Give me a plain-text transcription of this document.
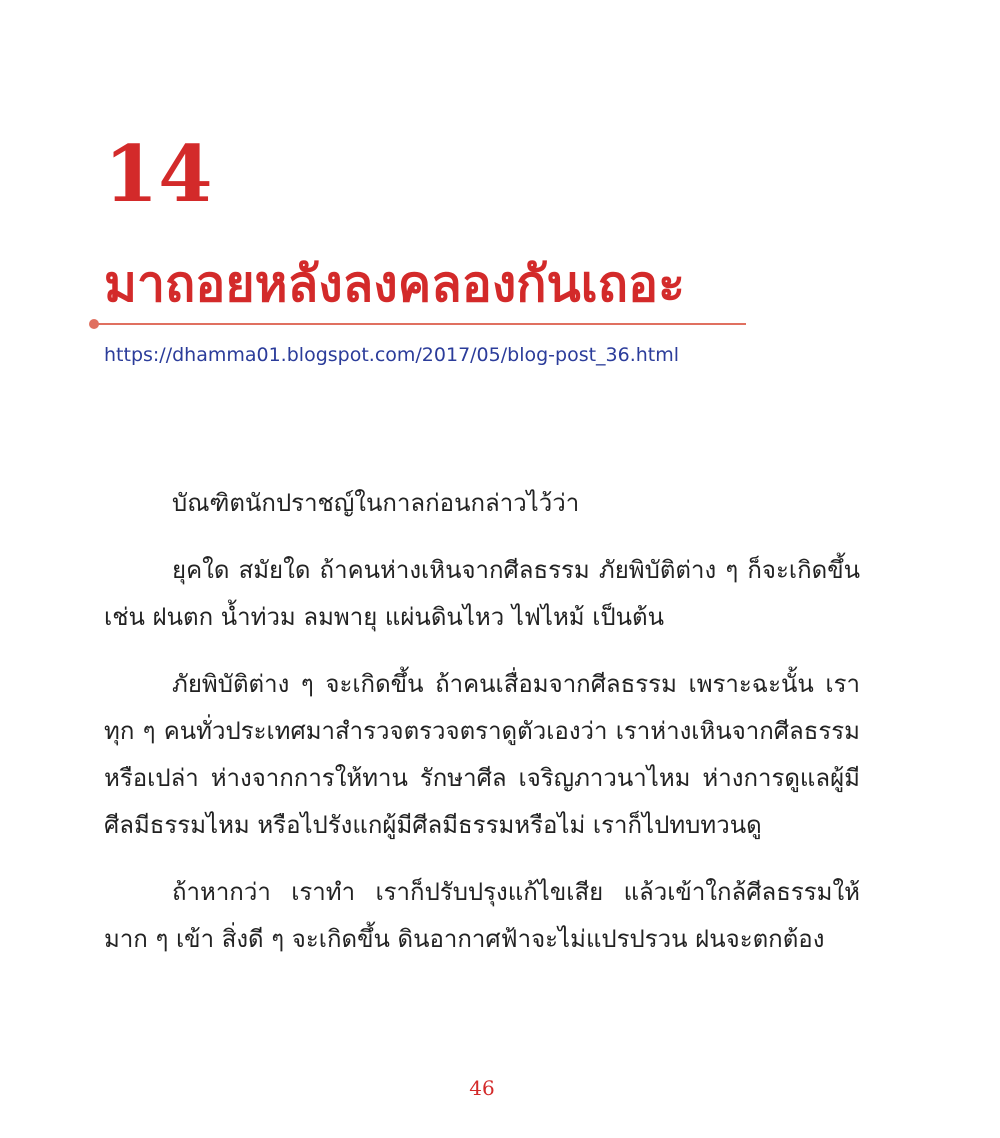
14
มาถอยหลังลงคลองกันเถอะ
https://dhamma01.blogspot.com/2017/05/blog-post_36.html

บัณฑิตนักปราชญ์ในกาลก่อนกล่าวไว้ว่า

ยุคใด สมัยใด ถ้าคนห่างเหินจากศีลธรรม ภัยพิบัติต่าง ๆ ก็จะเกิดขึ้น เช่น ฝนตก น้ำท่วม ลมพายุ แผ่นดินไหว ไฟไหม้ เป็นต้น

ภัยพิบัติต่าง ๆ จะเกิดขึ้น ถ้าคนเสื่อมจากศีลธรรม เพราะฉะนั้น เราทุก ๆ คนทั่วประเทศมาสำรวจตรวจตราดูตัวเองว่า เราห่างเหินจากศีลธรรมหรือเปล่า ห่างจากการให้ทาน รักษาศีล เจริญภาวนาไหม ห่างการดูแลผู้มีศีลมีธรรมไหม หรือไปรังแกผู้มีศีลมีธรรมหรือไม่ เราก็ไปทบทวนดู

ถ้าหากว่า เราทำ เราก็ปรับปรุงแก้ไขเสีย แล้วเข้าใกล้ศีลธรรมให้มาก ๆ เข้า สิ่งดี ๆ จะเกิดขึ้น ดินอากาศฟ้าจะไม่แปรปรวน ฝนจะตกต้อง

46
